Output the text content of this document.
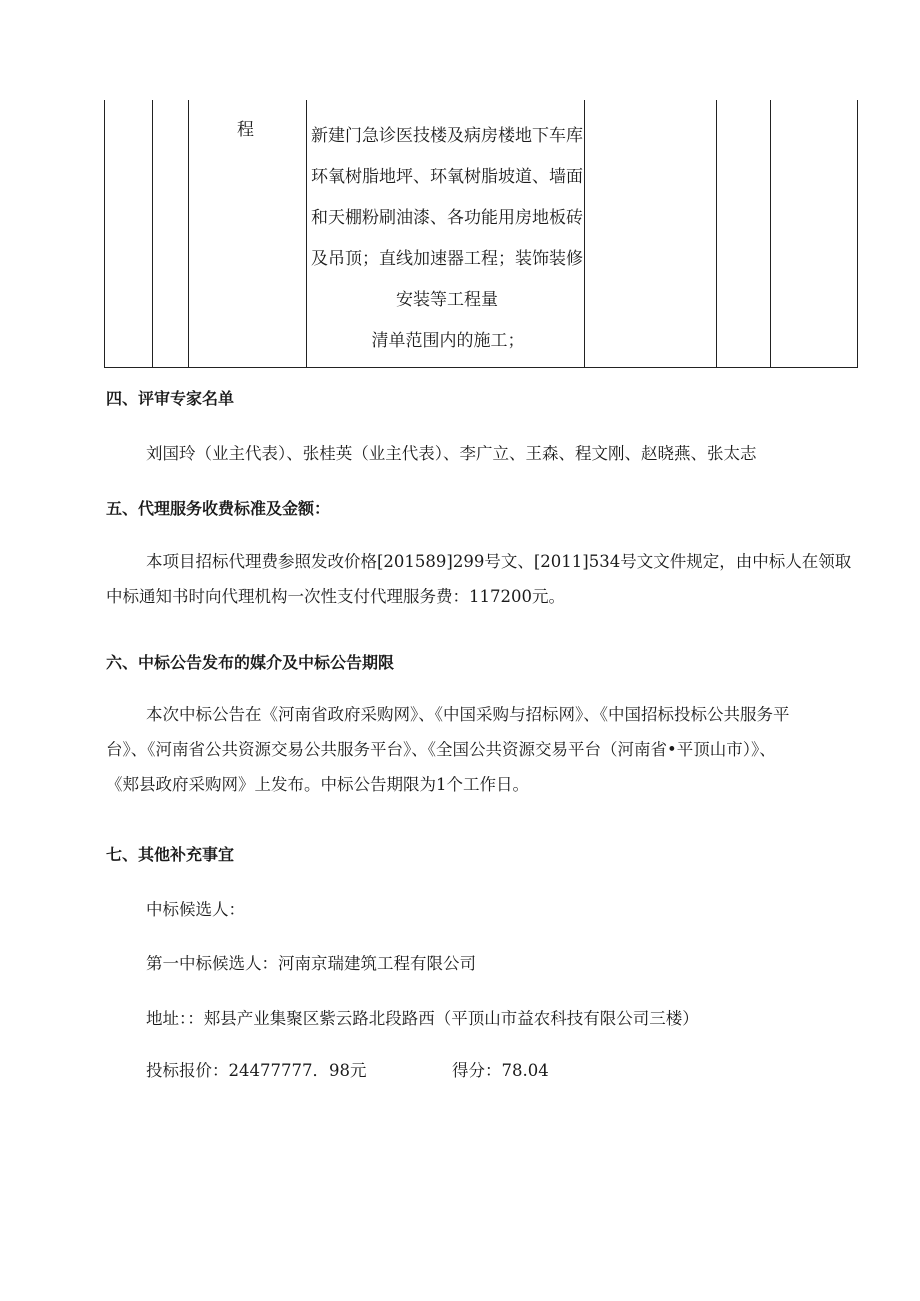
程	新建门急诊医技楼及病房楼地下车库
环氧树脂地坪、环氧树脂坡道、墙面
和天棚粉刷油漆、各功能用房地板砖
及吊顶；直线加速器工程；装饰装修
安装等工程量
清单范围内的施工；
四、评审专家名单
刘国玲（业主代表）、张桂英（业主代表）、李广立、王森、程文刚、赵晓燕、张太志
五、代理服务收费标准及金额：
本项目招标代理费参照发改价格[201589]299号文、[2011]534号文文件规定，由中标人在领取
中标通知书时向代理机构一次性支付代理服务费：117200元。
六、中标公告发布的媒介及中标公告期限
本次中标公告在《河南省政府采购网》、《中国采购与招标网》、《中国招标投标公共服务平
台》、《河南省公共资源交易公共服务平台》、《全国公共资源交易平台（河南省•平顶山市）》、
《郏县政府采购网》上发布。中标公告期限为1个工作日。
七、其他补充事宜
中标候选人：
第一中标候选人：河南京瑞建筑工程有限公司
地址：：郏县产业集聚区紫云路北段路西（平顶山市益农科技有限公司三楼）
投标报价：24477777．98元	得分：78.04
